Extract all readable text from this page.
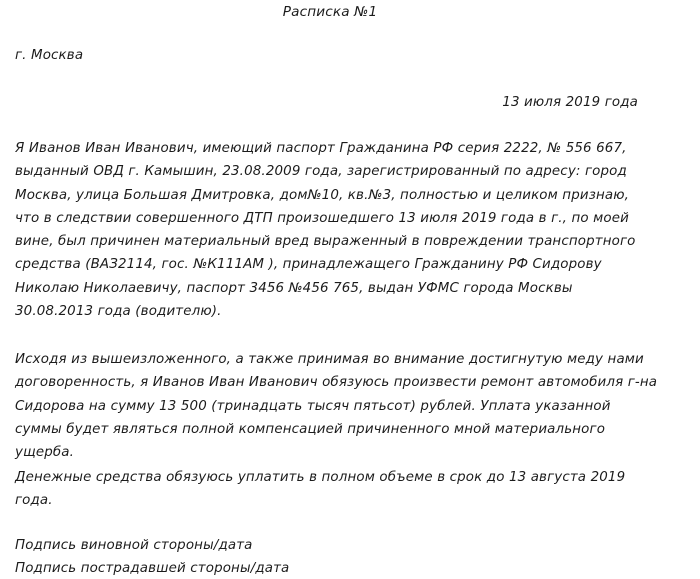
Расписка №1
г. Москва
13 июля 2019 года
Я Иванов Иван Иванович, имеющий паспорт Гражданина РФ серия 2222, № 556 667,
выданный ОВД г. Камышин, 23.08.2009 года, зарегистрированный по адресу: город
Москва, улица Большая Дмитровка, дом№10, кв.№3, полностью и целиком признаю,
что в следствии совершенного ДТП произошедшего 13 июля 2019 года в г., по моей
вине, был причинен материальный вред выраженный в повреждении транспортного
средства (ВАЗ2114, гос. №К111АМ ), принадлежащего Гражданину РФ Сидорову
Николаю Николаевичу, паспорт 3456 №456 765, выдан УФМС города Москвы
30.08.2013 года (водителю).
Исходя из вышеизложенного, а также принимая во внимание достигнутую меду нами
договоренность, я Иванов Иван Иванович обязуюсь произвести ремонт автомобиля г-на
Сидорова на сумму 13 500 (тринадцать тысяч пятьсот) рублей. Уплата указанной
суммы будет являться полной компенсацией причиненного мной материального
ущерба.
Денежные средства обязуюсь уплатить в полном объеме в срок до 13 августа 2019
года.
Подпись виновной стороны/дата
Подпись пострадавшей стороны/дата
